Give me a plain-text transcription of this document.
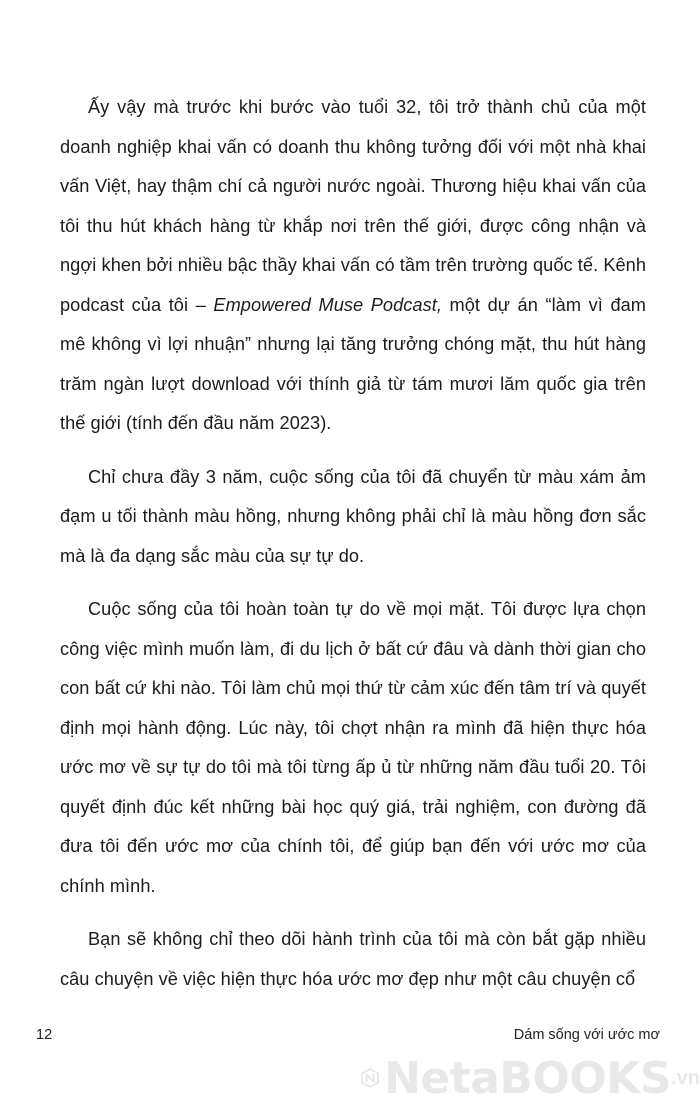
Ấy vậy mà trước khi bước vào tuổi 32, tôi trở thành chủ của một doanh nghiệp khai vấn có doanh thu không tưởng đối với một nhà khai vấn Việt, hay thậm chí cả người nước ngoài. Thương hiệu khai vấn của tôi thu hút khách hàng từ khắp nơi trên thế giới, được công nhận và ngợi khen bởi nhiều bậc thầy khai vấn có tầm trên trường quốc tế. Kênh podcast của tôi – Empowered Muse Podcast, một dự án “làm vì đam mê không vì lợi nhuận” nhưng lại tăng trưởng chóng mặt, thu hút hàng trăm ngàn lượt download với thính giả từ tám mươi lăm quốc gia trên thế giới (tính đến đầu năm 2023).

Chỉ chưa đầy 3 năm, cuộc sống của tôi đã chuyển từ màu xám ảm đạm u tối thành màu hồng, nhưng không phải chỉ là màu hồng đơn sắc mà là đa dạng sắc màu của sự tự do.

Cuộc sống của tôi hoàn toàn tự do về mọi mặt. Tôi được lựa chọn công việc mình muốn làm, đi du lịch ở bất cứ đâu và dành thời gian cho con bất cứ khi nào. Tôi làm chủ mọi thứ từ cảm xúc đến tâm trí và quyết định mọi hành động. Lúc này, tôi chợt nhận ra mình đã hiện thực hóa ước mơ về sự tự do tôi mà tôi từng ấp ủ từ những năm đầu tuổi 20. Tôi quyết định đúc kết những bài học quý giá, trải nghiệm, con đường đã đưa tôi đến ước mơ của chính tôi, để giúp bạn đến với ước mơ của chính mình.

Bạn sẽ không chỉ theo dõi hành trình của tôi mà còn bắt gặp nhiều câu chuyện về việc hiện thực hóa ước mơ đẹp như một câu chuyện cổ

12	Dám sống với ước mơ
NetaBOOKS .vn
